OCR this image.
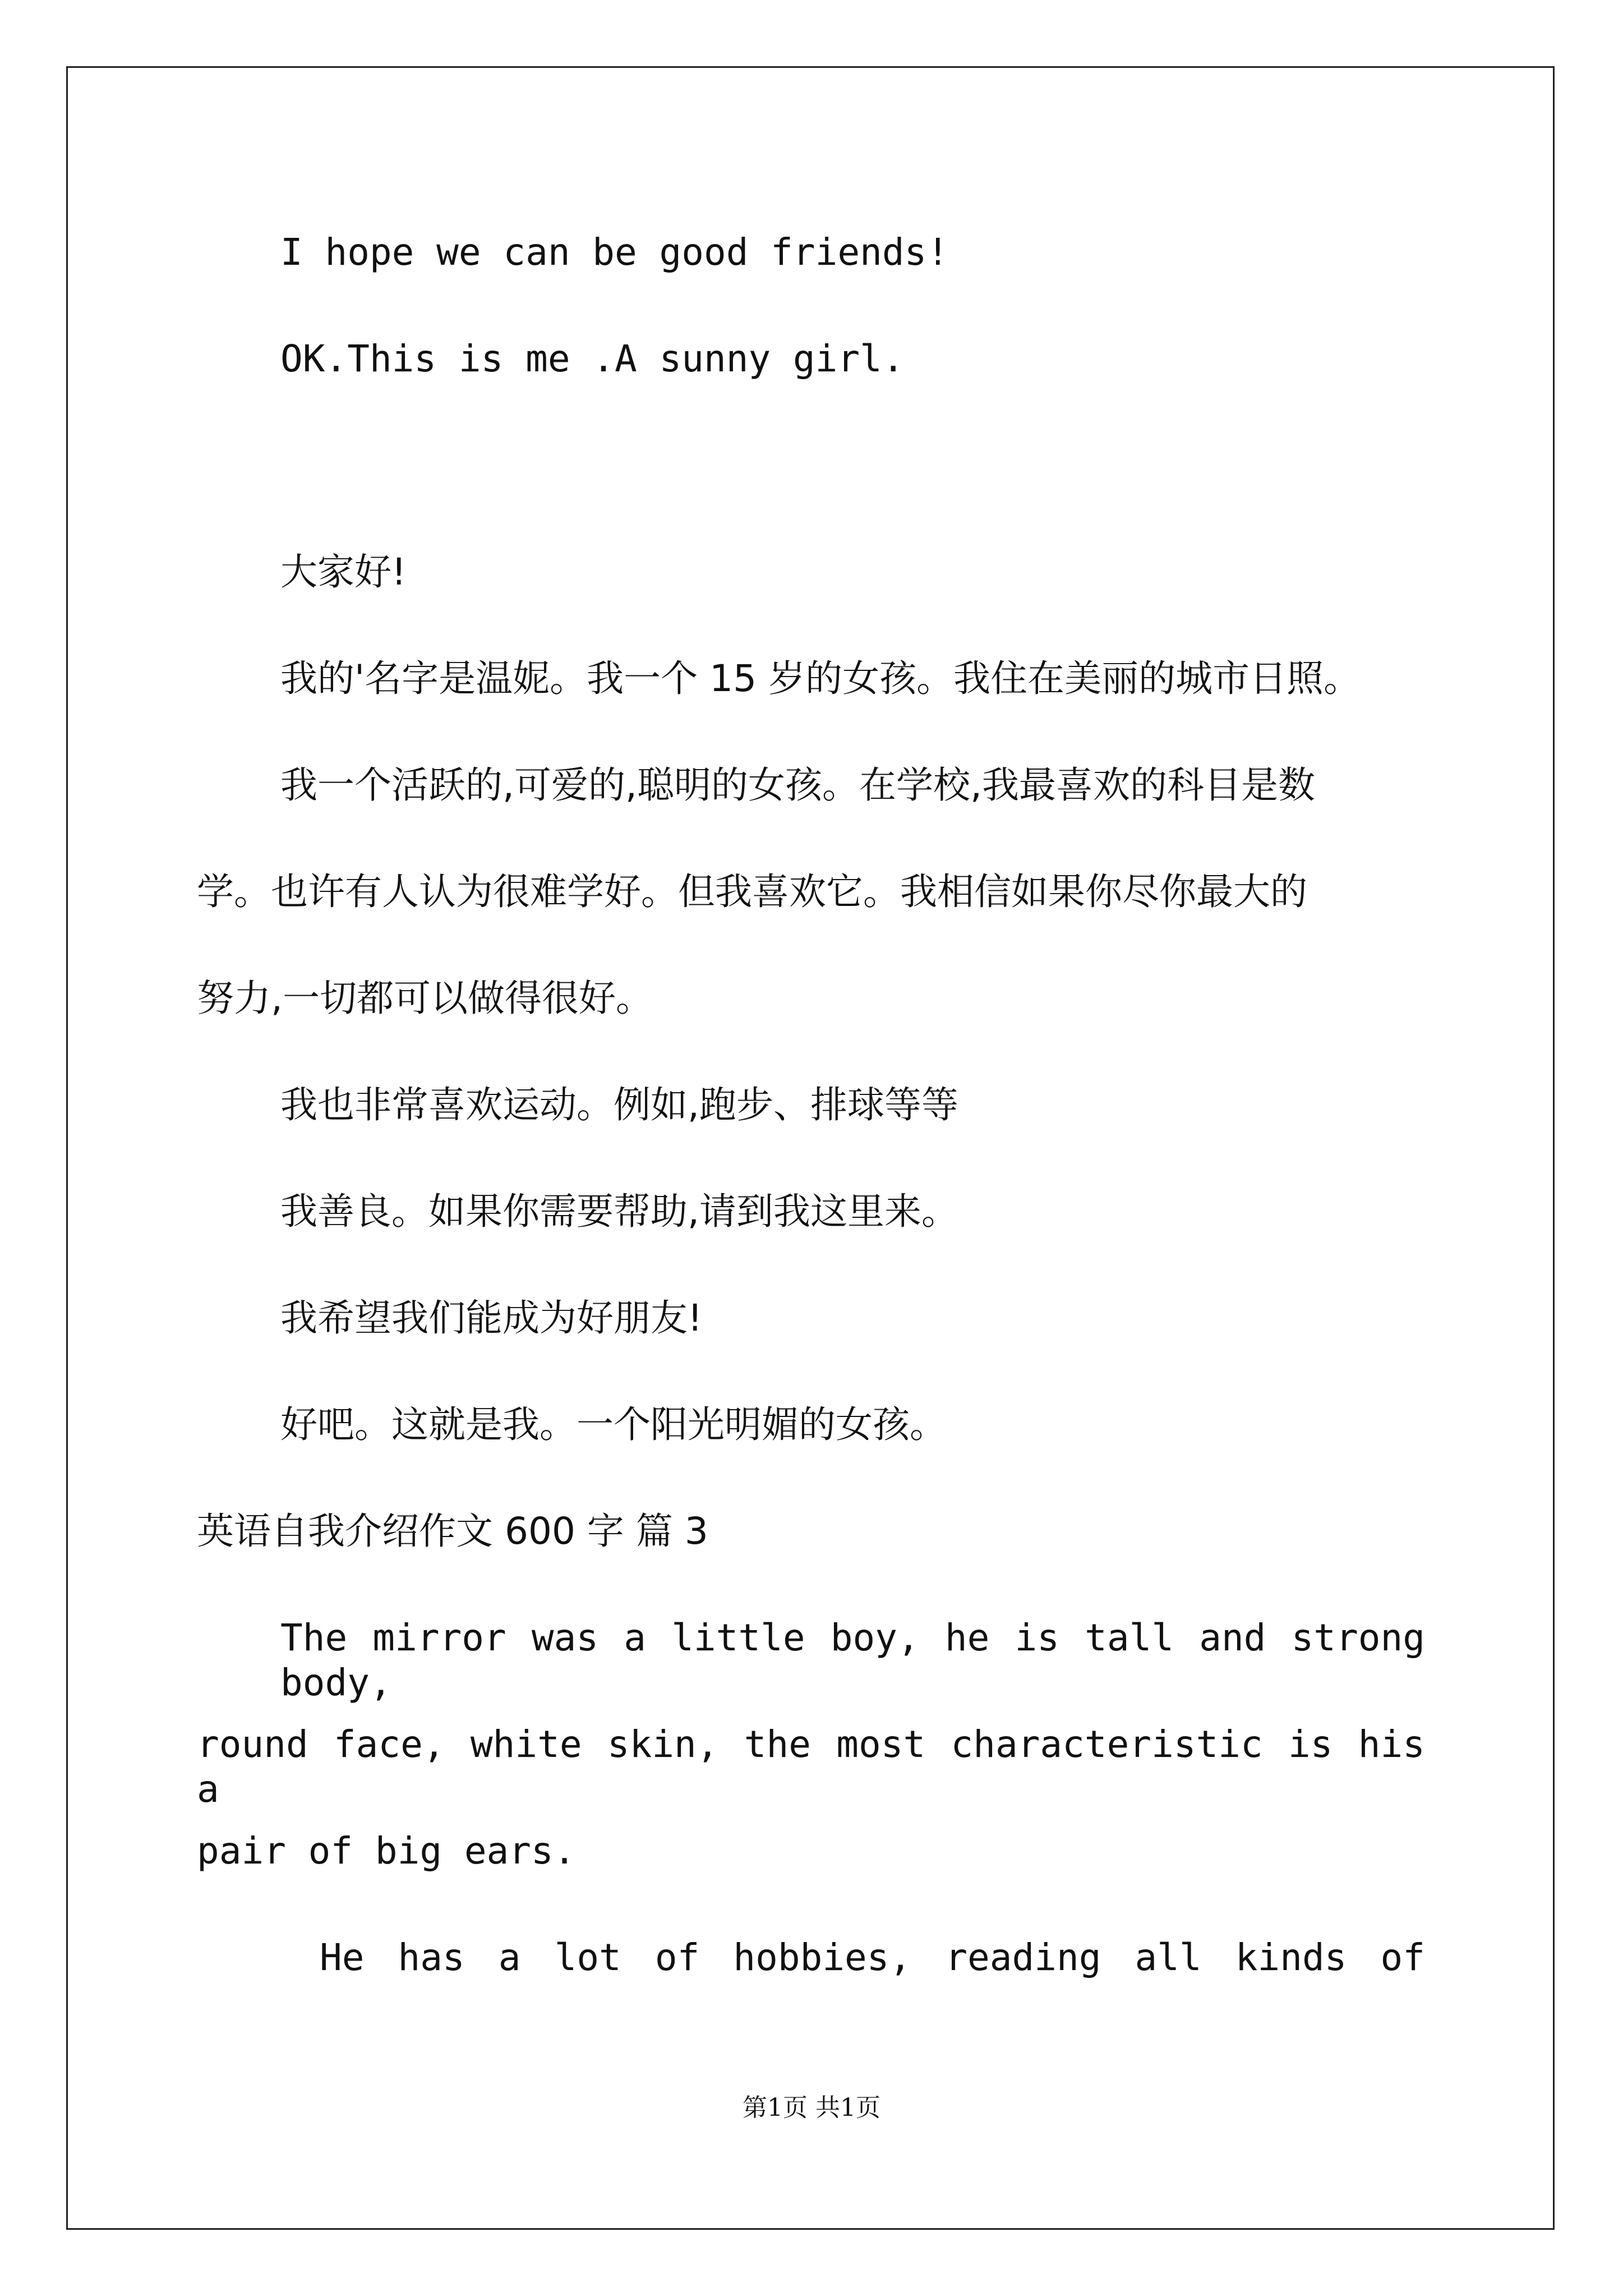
I hope we can be good friends!
OK.This is me .A sunny girl.
大家好!
我的'名字是温妮。我一个 15 岁的女孩。我住在美丽的城市日照。
我一个活跃的,可爱的,聪明的女孩。在学校,我最喜欢的科目是数
学。也许有人认为很难学好。但我喜欢它。我相信如果你尽你最大的
努力,一切都可以做得很好。
我也非常喜欢运动。例如,跑步、排球等等
我善良。如果你需要帮助,请到我这里来。
我希望我们能成为好朋友!
好吧。这就是我。一个阳光明媚的女孩。
英语自我介绍作文 600 字 篇 3
The mirror was a little boy, he is tall and strong body,
round face, white skin, the most characteristic is his a
pair of big ears.
He has a lot of hobbies, reading all kinds of
第1页 共1页
